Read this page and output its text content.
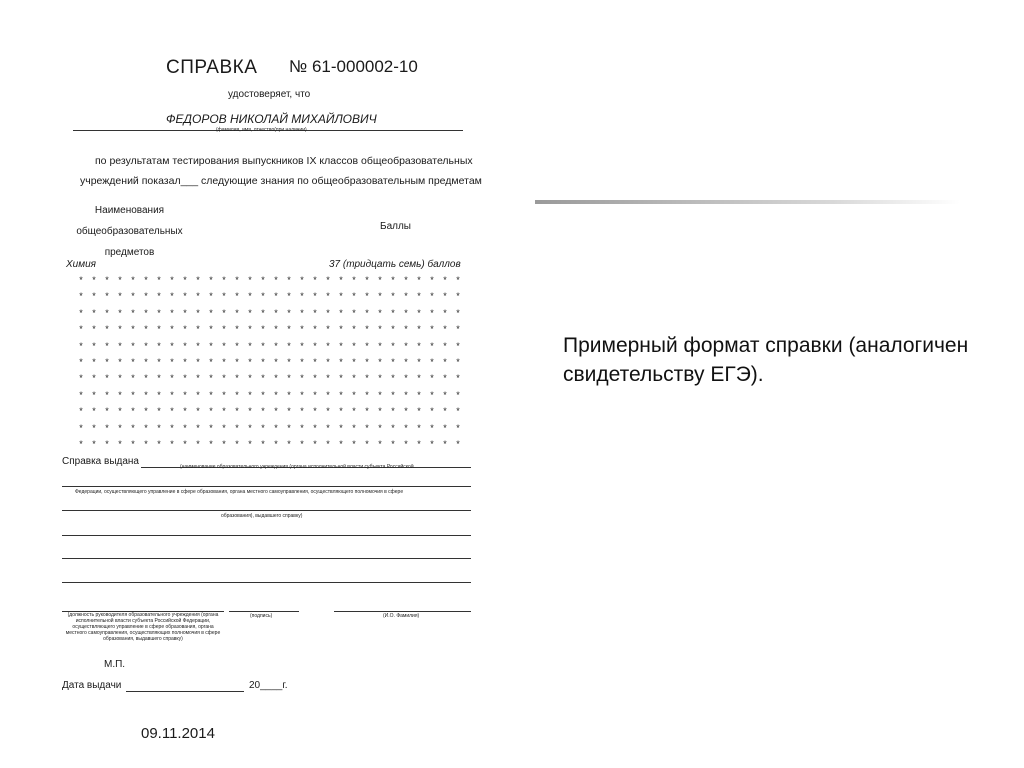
СПРАВКА № 61-000002-10
удостоверяет, что
ФЕДОРОВ НИКОЛАЙ МИХАЙЛОВИЧ
(фамилия, имя, отчество(при наличии)
по результатам тестирования выпускников IX классов общеобразовательных
учреждений показал___ следующие знания по общеобразовательным предметам
Наименования
общеобразовательных
предметов
Баллы
Химия	37 (тридцать семь) баллов
* * * * * * * * * * * * * * * * * * * * * * * * * * * * * *
* * * * * * * * * * * * * * * * * * * * * * * * * * * * * *
* * * * * * * * * * * * * * * * * * * * * * * * * * * * * *
* * * * * * * * * * * * * * * * * * * * * * * * * * * * * *
* * * * * * * * * * * * * * * * * * * * * * * * * * * * * *
* * * * * * * * * * * * * * * * * * * * * * * * * * * * * *
* * * * * * * * * * * * * * * * * * * * * * * * * * * * * *
* * * * * * * * * * * * * * * * * * * * * * * * * * * * * *
* * * * * * * * * * * * * * * * * * * * * * * * * * * * * *
* * * * * * * * * * * * * * * * * * * * * * * * * * * * * *
* * * * * * * * * * * * * * * * * * * * * * * * * * * * * *
Справка выдана	(наименование образовательного учреждения (органа исполнительной власти субъекта Российской
Федерации, осуществляющего управление в сфере образования, органа местного самоуправления, осуществляющего полномочия в сфере
образования), выдавшего справку)
(должность руководителя образовательного учреждения (органа исполнительной власти субъекта Российской Федерации, осуществляющего управление в сфере образования, органа местного самоуправления, осуществляющих полномочия в сфере образования, выдавшего справку)
(подпись)	(И.О. Фамилия)
М.П.
Дата выдачи	20____г.
Примерный формат справки (аналогичен свидетельству ЕГЭ).
09.11.2014
